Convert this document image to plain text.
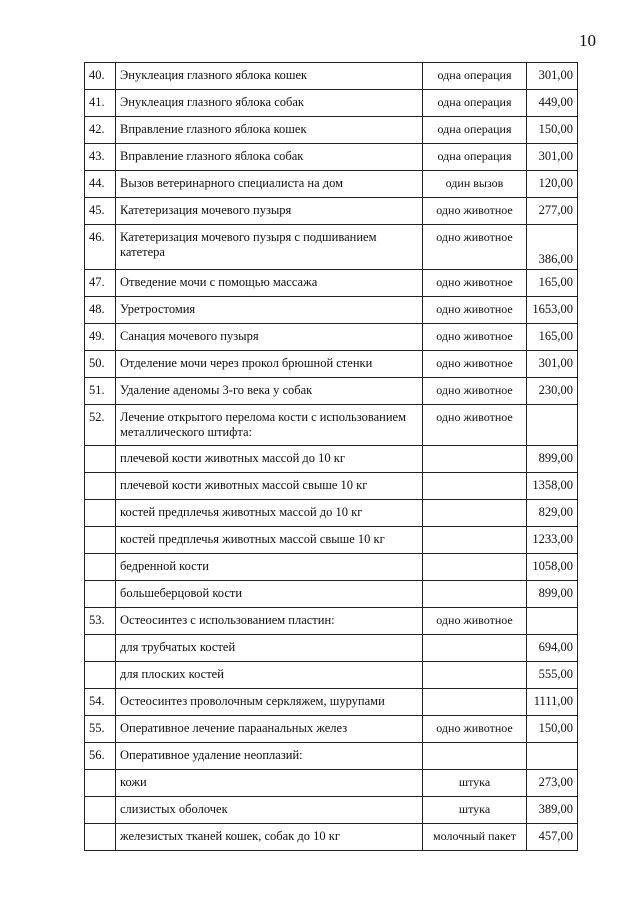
10
40.	Энуклеация глазного яблока кошек	одна операция	301,00
41.	Энуклеация глазного яблока собак	одна операция	449,00
42.	Вправление глазного яблока кошек	одна операция	150,00
43.	Вправление глазного яблока собак	одна операция	301,00
44.	Вызов ветеринарного специалиста на дом	один вызов	120,00
45.	Катетеризация мочевого пузыря	одно животное	277,00
46.	Катетеризация мочевого пузыря с подшиванием катетера	одно животное	386,00
47.	Отведение мочи с помощью массажа	одно животное	165,00
48.	Уретростомия	одно животное	1653,00
49.	Санация мочевого пузыря	одно животное	165,00
50.	Отделение мочи через прокол брюшной стенки	одно животное	301,00
51.	Удаление аденомы 3-го века у собак	одно животное	230,00
52.	Лечение открытого перелома кости с использованием металлического штифта:	одно животное	
	плечевой кости животных массой до 10 кг		899,00
	плечевой кости животных массой свыше 10 кг		1358,00
	костей предплечья животных массой до 10 кг		829,00
	костей предплечья животных массой свыше 10 кг		1233,00
	бедренной кости		1058,00
	большеберцовой кости		899,00
53.	Остеосинтез с использованием пластин:	одно животное	
	для трубчатых костей		694,00
	для плоских костей		555,00
54.	Остеосинтез проволочным серкляжем, шурупами		1111,00
55.	Оперативное лечение параанальных желез	одно животное	150,00
56.	Оперативное удаление неоплазий:		
	кожи	штука	273,00
	слизистых оболочек	штука	389,00
	железистых тканей кошек, собак до 10 кг	молочный пакет	457,00
